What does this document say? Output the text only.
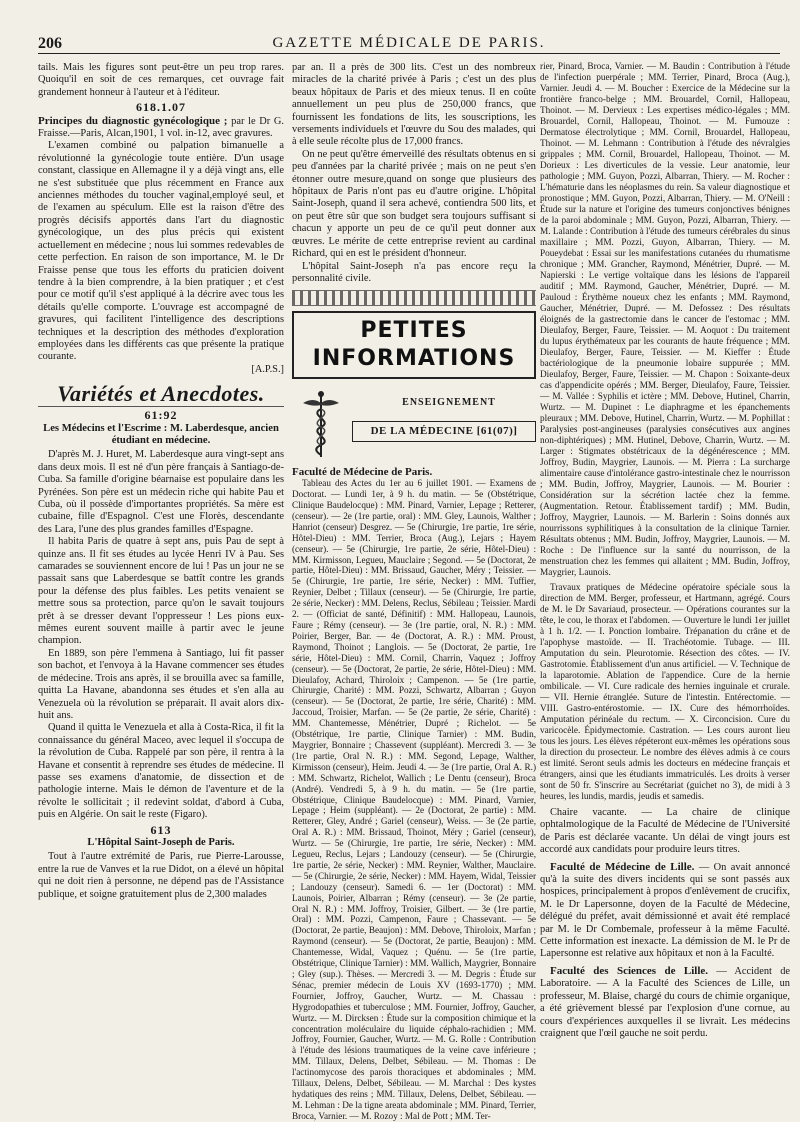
206	GAZETTE MÉDICALE DE PARIS.

tails. Mais les figures sont peut-être un peu trop rares. Quoiqu'il en soit de ces remarques, cet ouvrage fait grandement honneur à l'auteur et à l'éditeur.

618.1.07

Principes du diagnostic gynécologique ; par le Dr G. Fraisse.—Paris, Alcan,1901, 1 vol. in-12, avec gravures.

L'examen combiné ou palpation bimanuelle a révolutionné la gynécologie toute entière. D'un usage constant, classique en Allemagne il y a déjà vingt ans, elle ne s'est substituée que plus récemment en France aux anciennes méthodes du toucher vaginal,employé seul, et de l'examen au spéculum. Elle est la raison d'être des progrès décisifs apportés dans l'art du diagnostic gynécologique, un des plus précis qui existent actuellement en médecine ; nous lui sommes redevables de cette perfection. En raison de son importance, M. le Dr Fraisse pense que tous les efforts du praticien doivent tendre à la bien comprendre, à la bien pratiquer ; et c'est pour ce motif qu'il s'est appliqué à la décrire avec tous les détails qu'elle comporte. L'ouvrage est accompagné de gravures, qui facilitent l'intelligence des descriptions techniques et la description des méthodes d'exploration employées dans les différents cas que présente la pratique courante.

[A.P.S.]

Variétés et Anecdotes.
61:92
Les Médecins et l'Escrime : M. Laberdesque, ancien étudiant en médecine.

D'après M. J. Huret, M. Laberdesque aura vingt-sept ans dans deux mois. Il est né d'un père français à Santiago-de-Cuba. Sa famille d'origine béarnaise est populaire dans les Pyrénées. Son père est un médecin riche qui habite Pau et Cuba, où il possède d'importantes propriétés. Sa mère est cubaine, fille d'Espagnol. C'est une Florès, descendante des Lara, l'une des plus grandes familles d'Espagne.

Il habita Paris de quatre à sept ans, puis Pau de sept à quinze ans. Il fit ses études au lycée Henri IV à Pau. Ses camarades se souviennent encore de lui ! Pas un jour ne se passait sans que Laberdesque se battît contre les grands pour la défense des plus faibles. Les petits venaient se mettre sous sa protection, parce qu'on le savait toujours prêt à se dresser devant l'oppresseur ! Les pions eux-mêmes eurent souvent maille à partir avec le jeune champion.

En 1889, son père l'emmena à Santiago, lui fit passer son bachot, et l'envoya à la Havane commencer ses études de médecine. Trois ans après, il se brouilla avec sa famille, quitta La Havane, abandonna ses études et s'en alla au Venezuela où la révolution se préparait. Il avait alors dix-huit ans.

Quand il quitta le Venezuela et alla à Costa-Rica, il fit la connaissance du général Maceo, avec lequel il s'occupa de la révolution de Cuba. Rappelé par son père, il rentra à la Havane et consentit à reprendre ses études de médecine. Il passe ses examens d'anatomie, de dissection et de pathologie interne. Mais le démon de l'aventure et de la révolte le sollicitait ; il redevint soldat, d'abord à Cuba, puis en Algérie. On sait le reste (Figaro).

613
L'Hôpital Saint-Joseph de Paris.

Tout à l'autre extrémité de Paris, rue Pierre-Larousse, entre la rue de Vanves et la rue Didot, on a élevé un hôpital qui ne doit rien à personne, ne dépend pas de l'Assistance publique, et soigne gratuitement plus de 2,300 malades

par an. Il a près de 300 lits. C'est un des nombreux miracles de la charité privée à Paris ; c'est un des plus beaux hôpitaux de Paris et des mieux tenus. Il en coûte annuellement un peu plus de 250,000 francs, que fournissent les fondations de lits, les souscriptions, les versements individuels et l'œuvre du Sou des malades, qui à elle seule récolte plus de 17,000 francs.

On ne peut qu'être émerveillé des résultats obtenus en si peu d'années par la charité privée ; mais on ne peut s'en étonner outre mesure,quand on songe que plusieurs des hôpitaux de Paris n'ont pas eu d'autre origine. L'hôpital Saint-Joseph, quand il sera achevé, contiendra 500 lits, et on peut être sûr que son budget sera toujours suffisant si chacun y apporte un peu de ce qu'il peut donner aux œuvres. Le mérite de cette entreprise revient au cardinal Richard, qui en est le président d'honneur.

L'hôpital Saint-Joseph n'a pas encore reçu la personnalité civile.

PETITES
INFORMATIONS
ENSEIGNEMENT
DE LA MÉDECINE [61(07)]

Faculté de Médecine de Paris.

Tableau des Actes du 1er au 6 juillet 1901. — Examens de Doctorat. — Lundi 1er, à 9 h. du matin. — 5e (Obstétrique, Clinique Baudelocque) : MM. Pinard, Varnier, Lepage ; Retterer, (censeur). — 2e (1re partie, oral) : MM. Gley, Launois, Walther ; Hanriot (censeur) Desgrez. — 5e (Chirurgie, 1re partie, 1re série, Hôtel-Dieu) : MM. Terrier, Broca (Aug.), Lejars ; Hayem (censeur). — 5e (Chirurgie, 1re partie, 2e série, Hôtel-Dieu) : MM. Kirmisson, Legueu, Mauclaire ; Segond. — 5e (Doctorat, 2e partie, Hôtel-Dieu) : MM. Brissaud, Gaucher, Méry ; Teissier. — 5e (Chirurgie, 1re partie, 1re série, Necker) : MM. Tuffier, Reynier, Delbet ; Tillaux (censeur). — 5e (Chirurgie, 1re partie, 2e série, Necker) : MM. Delens, Reclus, Sébileau ; Teissier. Mardi 2. — (Officiat de santé, Définitif) : MM. Hallopeau, Launois, Faure ; Rémy (censeur). — 3e (1re partie, oral, N. R.) : MM. Poirier, Berger, Bar. — 4e (Doctorat, A. R.) : MM. Proust, Raymond, Thoinot ; Langlois. — 5e (Doctorat, 2e partie, 1re série, Hôtel-Dieu) : MM. Cornil, Charrin, Vaquez ; Joffroy (censeur). — 5e (Doctorat, 2e partie, 2e série, Hôtel-Dieu) : MM. Dieulafoy, Achard, Thiroloix ; Campenon. — 5e (1re partie, Chirurgie, Charité) : MM. Pozzi, Schwartz, Albarran ; Guyon (censeur). — 5e (Doctorat, 2e partie, 1re série, Charité) : MM. Jaccoud, Troisier, Marfan. — 5e (2e partie, 2e série, Charité) : MM. Chantemesse, Ménétrier, Dupré ; Richelot. — 5e (Obstétrique, 1re partie, Clinique Tarnier) : MM. Budin, Maygrier, Bonnaire ; Chassevent (suppléant). Mercredi 3. — 3e (1re partie, Oral N. R.) : MM. Segond, Lepage, Walther, Kirmisson (censeur), Heim. Jeudi 4. — 3e (1re partie, Oral A. R.) : MM. Schwartz, Richelot, Wallich ; Le Dentu (censeur), Broca (André). Vendredi 5, à 9 h. du matin. — 5e (1re partie, Obstétrique, Clinique Baudelocque) : MM. Pinard, Varnier, Lepage ; Heim (suppléant). — 2e (Doctorat, 2e partie) : MM. Retterer, Gley, André ; Gariel (censeur), Weiss. — 3e (2e partie, Oral A. R.) : MM. Brissaud, Thoinot, Méry ; Gariel (censeur), Wurtz. — 5e (Chirurgie, 1re partie, 1re série, Necker) : MM. Legueu, Reclus, Lejars ; Landouzy (censeur). — 5e (Chirurgie, 1re partie, 2e série, Necker) : MM. Reynier, Walther, Mauclaire. — 5e (Chirurgie, 2e série, Necker) : MM. Hayem, Widal, Teissier ; Landouzy (censeur). Samedi 6. — 1er (Doctorat) : MM. Launois, Poirier, Albarran ; Rémy (censeur). — 3e (2e partie, Oral N. R.) : MM. Joffroy, Troisier, Gilbert. — 3e (1re partie, Oral) : MM. Pozzi, Campenon, Faure ; Chassevant. — 5e (Doctorat, 2e partie, Beaujon) : MM. Debove, Thiroloix, Marfan ; Raymond (censeur). — 5e (Doctorat, 2e partie, Beaujon) : MM. Chantemesse, Widal, Vaquez ; Quénu. — 5e (1re partie, Obstétrique, Clinique Tarnier) : MM. Wallich, Maygrier, Bonnaire ; Gley (sup.). Thèses. — Mercredi 3. — M. Degris : Étude sur Sénac, premier médecin de Louis XV (1693-1770) ; MM. Fournier, Joffroy, Gaucher, Wurtz. — M. Chassau : Hygrodopathies et tuberculose ; MM. Fournier, Joffroy, Gaucher, Wurtz. — M. Dircksen : Étude sur la composition chimique et la concentration moléculaire du liquide céphalo-rachidien ; MM. Joffroy, Fournier, Gaucher, Wurtz. — M. G. Rolle : Contribution à l'étude des lésions traumatiques de la veine cave inférieure ; MM. Tillaux, Delens, Delbet, Sébileau. — M. Thomas : De l'actinomycose des parois thoraciques et abdominales ; MM. Tillaux, Delens, Delbet, Sébileau. — M. Marchal : Des kystes hydatiques des reins ; MM. Tillaux, Delens, Delbet, Sébileau. — M. Lehman : De la tigne areata abdominale ; MM. Pinard, Terrier, Broca, Varnier. — M. Rozoy : Mal de Pott ; MM. Ter-

rier, Pinard, Broca, Varnier. — M. Baudin : Contribution à l'étude de l'infection puerpérale ; MM. Terrier, Pinard, Broca (Aug.), Varnier. Jeudi 4. — M. Boucher : Exercice de la Médecine sur la frontière franco-belge ; MM. Brouardel, Cornil, Hallopeau, Thoinot. — M. Dervieux : Les expertises médico-légales ; MM. Brouardel, Cornil, Hallopeau, Thoinot. — M. Fumouze : Dermatose électrolytique ; MM. Cornil, Brouardel, Hallopeau, Thoinot. — M. Lehmann : Contribution à l'étude des névralgies grippales ; MM. Cornil, Brouardel, Hallopeau, Thoinot. — M. Dorieux : Les diverticules de la vessie. Leur anatomie, leur pathologie ; MM. Guyon, Pozzi, Albarran, Thiery. — M. Rocher : L'hématurie dans les néoplasmes du rein. Sa valeur diagnostique et pronostique ; MM. Guyon, Pozzi, Albarran, Thiery. — M. O'Neill : Étude sur la nature et l'origine des tumeurs conjonctives bénignes de la paroi abdominale ; MM. Guyon, Pozzi, Albarran, Thiery. — M. Lalande : Contribution à l'étude des tumeurs cérébrales du sinus maxillaire ; MM. Pozzi, Guyon, Albarran, Thiery. — M. Poueydebat : Essai sur les manifestations cutanées du rhumatisme chronique ; MM. Grancher, Raymond, Ménétrier, Dupré. — M. Napierski : Le vertige voltaïque dans les lésions de l'appareil auditif ; MM. Raymond, Gaucher, Ménétrier, Dupré. — M. Pauloud : Érythème noueux chez les enfants ; MM. Raymond, Gaucher, Ménétrier, Dupré. — M. Defossez : Des résultats éloignés de la gastrectomie dans le cancer de l'estomac ; MM. Dieulafoy, Berger, Faure, Teissier. — M. Aoquot : Du traitement du lupus érythémateux par les courants de haute fréquence ; MM. Dieulafoy, Berger, Faure, Teissier. — M. Kieffer : Étude bactériologique de la pneumonie lobaire suppurée ; MM. Dieulafoy, Berger, Faure, Teissier. — M. Chapon : Soixante-deux cas d'appendicite opérés ; MM. Berger, Dieulafoy, Faure, Teissier. — M. Vallée : Syphilis et ictère ; MM. Debove, Hutinel, Charrin, Wurtz. — M. Dupinet : Le diaphragme et les épanchements pleuraux ; MM. Debove, Hutinel, Charrin, Wurtz. — M. Pophillat : Paralysies post-angineuses (paralysies consécutives aux angines non-diphtériques) ; MM. Hutinel, Debove, Charrin, Wurtz. — M. Larger : Stigmates obstétricaux de la dégénérescence ; MM. Joffroy, Budin, Maygrier, Launois. — M. Pierra : La surcharge alimentaire cause d'intolérance gastro-intestinale chez le nourrisson ; MM. Budin, Joffroy, Maygrier, Launois. — M. Bourier : Considération sur la sécrétion lactée chez la femme. (Augmentation. Retour. Établissement tardif) ; MM. Budin, Joffroy, Maygrier, Launois. — M. Barlerin : Soins donnés aux nourrissons syphilitiques à la consultation de la clinique Tarnier. Résultats obtenus ; MM. Budin, Joffroy, Maygrier, Launois. — M. Roche : De l'influence sur la santé du nourrisson, de la menstruation chez les femmes qui allaitent ; MM. Budin, Joffroy, Maygrier, Launois.

Travaux pratiques de Médecine opératoire spéciale sous la direction de MM. Berger, professeur, et Hartmann, agrégé. Cours de M. le Dr Savariaud, prosecteur. — Opérations courantes sur la tête, le cou, le thorax et l'abdomen. — Ouverture le lundi 1er juillet à 1 h. 1/2. — I. Ponction lombaire. Trépanation du crâne et de l'apophyse mastoïde. — II. Trachéotomie. Tubage. — III. Amputation du sein. Pleurotomie. Résection des côtes. — IV. Gastrotomie. Établissement d'un anus artificiel. — V. Technique de la laparotomie. Ablation de l'appendice. Cure de la hernie ombilicale. — VI. Cure radicale des hernies inguinale et crurale. — VII. Hernie étranglée. Suture de l'intestin. Entérectomie. — VIII. Gastro-entérostomie. — IX. Cure des hémorrhoïdes. Amputation périnéale du rectum. — X. Circoncision. Cure du varicocèle. Épidymectomie. Castration. — Les cours auront lieu tous les jours. Les élèves répéteront eux-mêmes les opérations sous la direction du prosecteur. Le nombre des élèves admis à ce cours est limité. Seront seuls admis les docteurs en médecine français et étrangers, ainsi que les étudiants immatriculés. Les droits à verser sont de 50 fr. S'inscrire au Secrétariat (guichet no 3), de midi à 3 heures, les lundis, mardis, jeudis et samedis.

Chaire vacante. — La chaire de clinique ophtalmologique de la Faculté de Médecine de l'Université de Paris est déclarée vacante. Un délai de vingt jours est accordé aux candidats pour produire leurs titres.

Faculté de Médecine de Lille. — On avait annoncé qu'à la suite des divers incidents qui se sont passés aux hospices, principalement à propos d'enlèvement de crucifix, M. le Dr Lapersonne, doyen de la Faculté de Médecine, délégué du préfet, avait démissionné et avait été remplacé par M. le Dr Combemale, professeur à la même Faculté. Cette information est inexacte. La démission de M. le Pr de Lapersonne est relative aux hôpitaux et non à la Faculté.

Faculté des Sciences de Lille. — Accident de Laboratoire. — A la Faculté des Sciences de Lille, un professeur, M. Blaise, chargé du cours de chimie organique, a été grièvement blessé par l'explosion d'une cornue, au cours d'expériences auxquelles il se livrait. Les médecins craignent que l'œil gauche ne soit perdu.
